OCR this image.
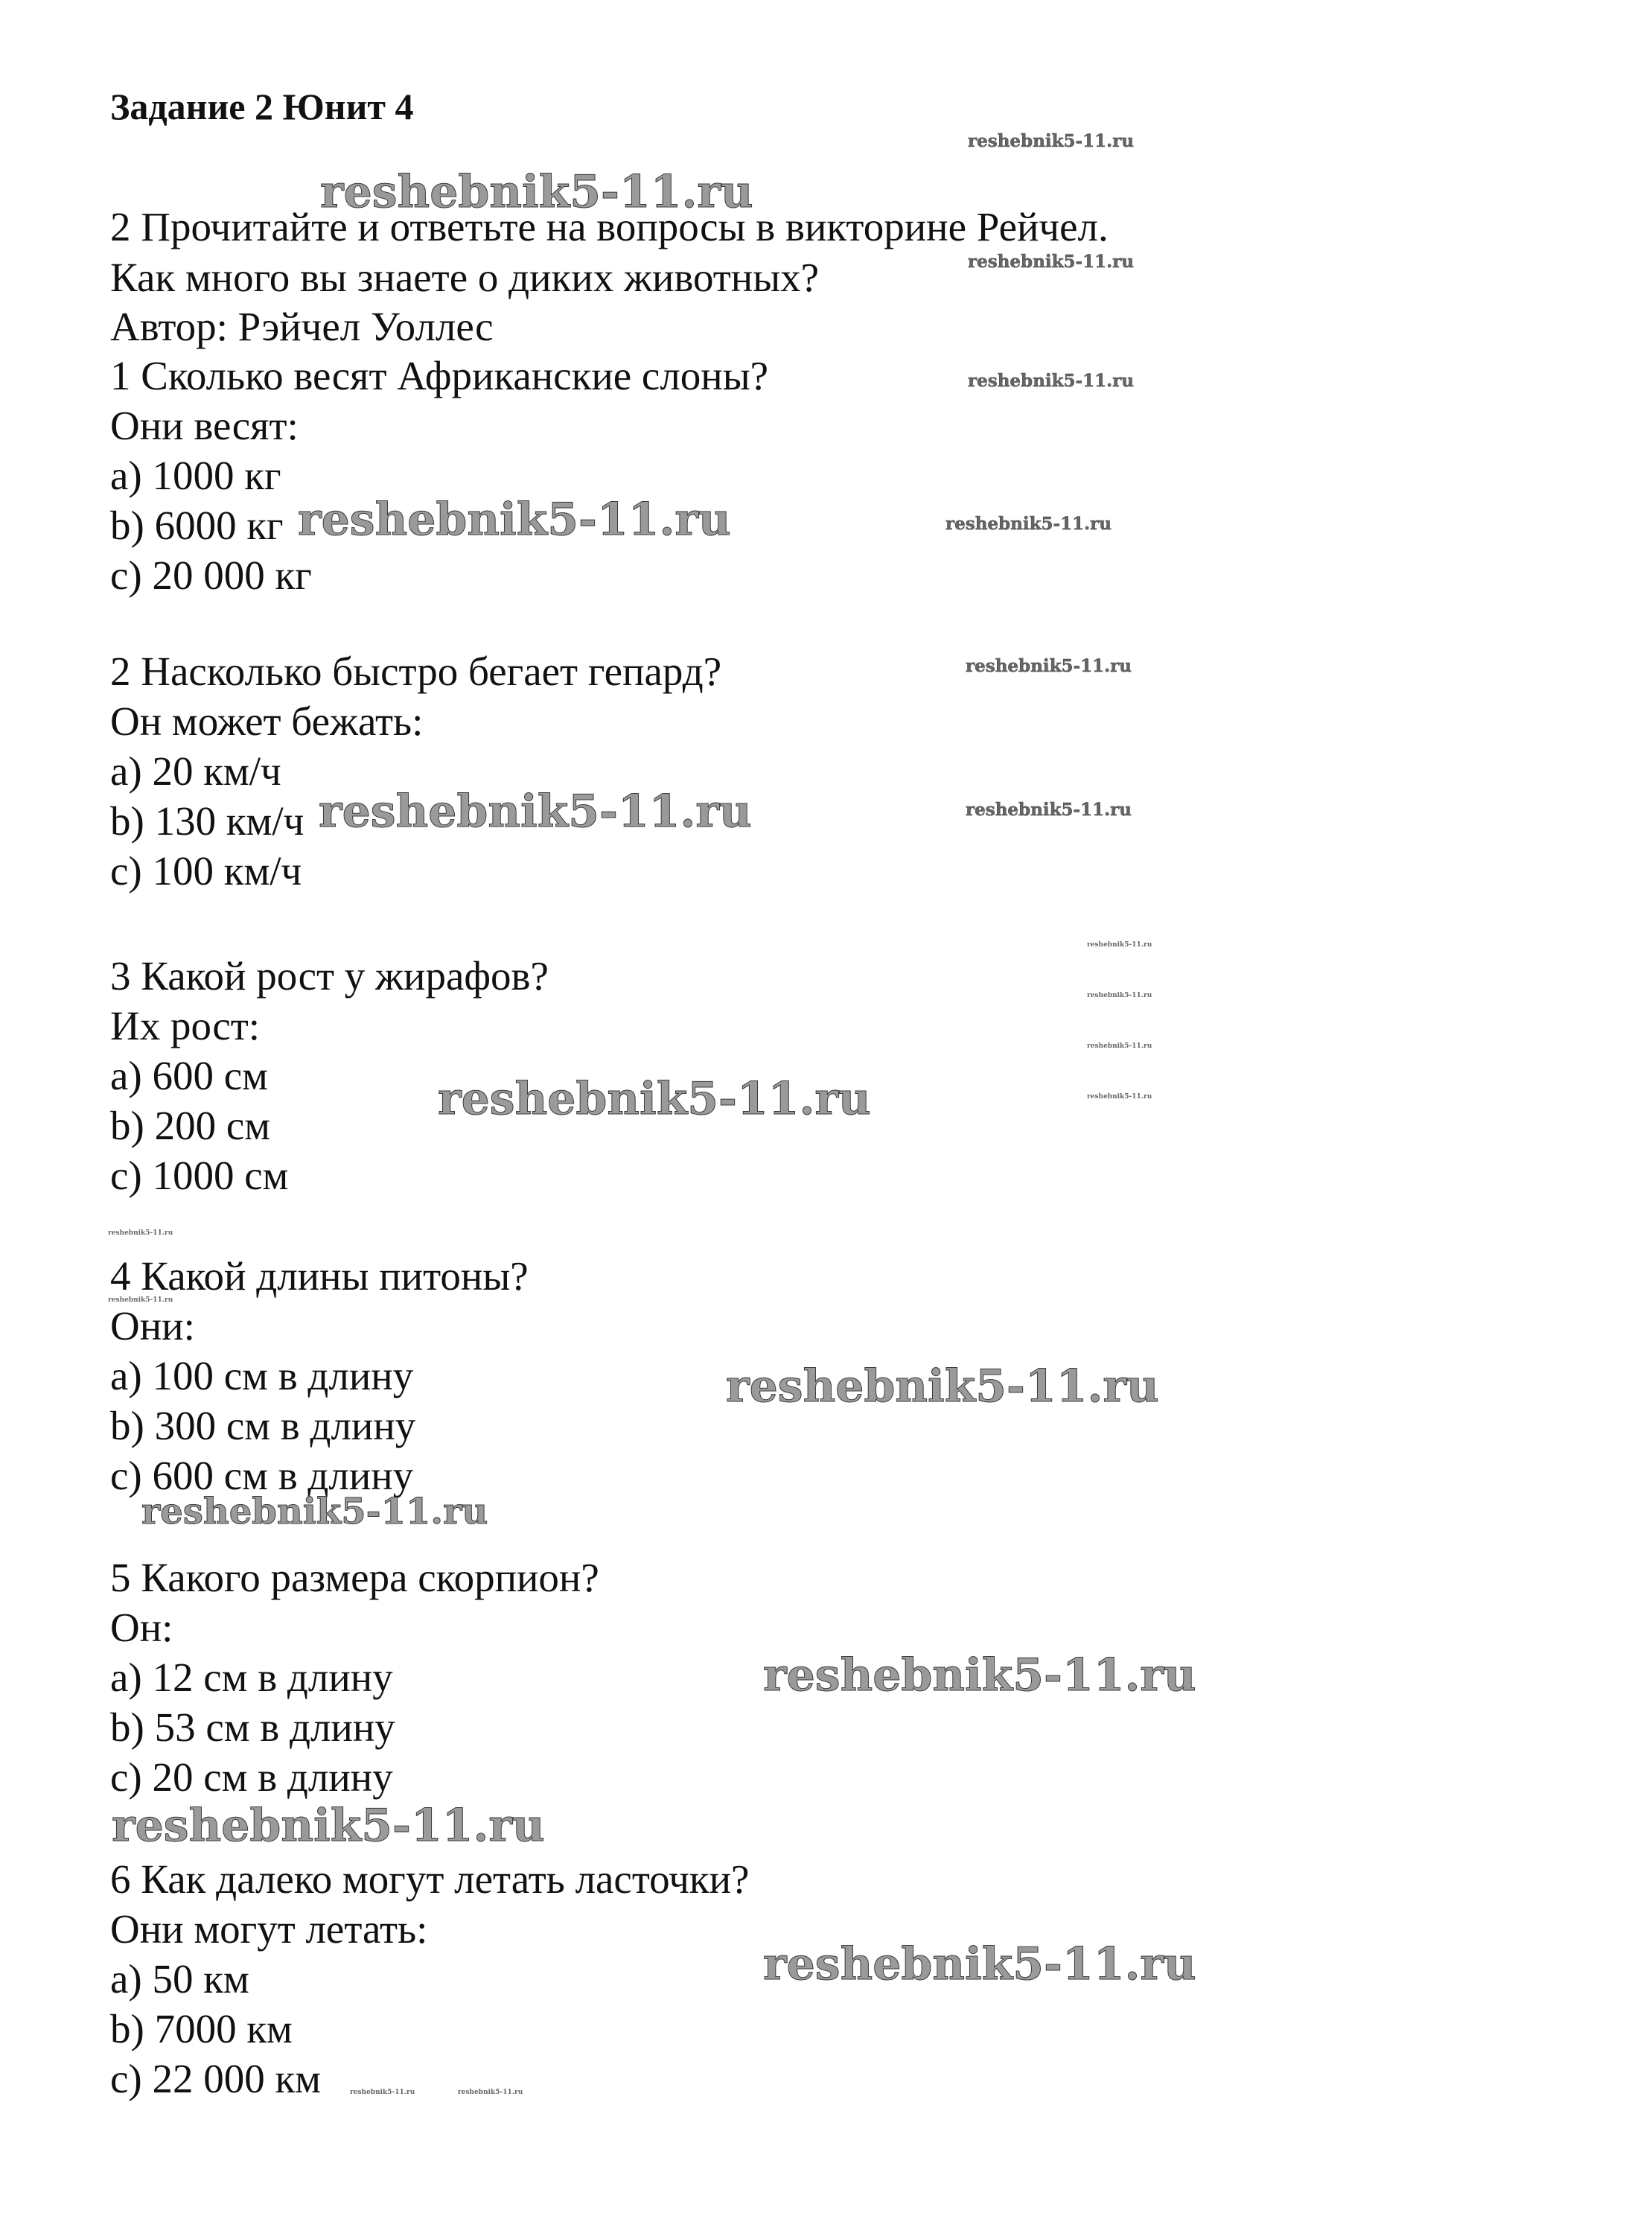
Задание 2 Юнит 4
2 Прочитайте и ответьте на вопросы в викторине Рейчел.
Как много вы знаете о диких животных?
Автор: Рэйчел Уоллес
1 Сколько весят Африканские слоны?
Они весят:
a) 1000 кг
b) 6000 кг
c) 20 000 кг
2 Насколько быстро бегает гепард?
Он может бежать:
a) 20 км/ч
b) 130 км/ч
c) 100 км/ч
3 Какой рост у жирафов?
Их рост:
a) 600 см
b) 200 см
c) 1000 см
4 Какой длины питоны?
Они:
a) 100 см в длину
b) 300 см в длину
c) 600 см в длину
5 Какого размера скорпион?
Он:
a) 12 см в длину
b) 53 см в длину
c) 20 см в длину
6 Как далеко могут летать ласточки?
Они могут летать:
a) 50 км
b) 7000 км
c) 22 000 км
reshebnik5-11.ru
reshebnik5-11.ru
reshebnik5-11.ru
reshebnik5-11.ru
reshebnik5-11.ru	reshebnik5-11.ru
reshebnik5-11.ru
reshebnik5-11.ru	reshebnik5-11.ru
reshebnik5-11.ru
reshebnik5-11.ru
reshebnik5-11.ru
reshebnik5-11.ru
reshebnik5-11.ru
reshebnik5-11.ru
reshebnik5-11.ru
reshebnik5-11.ru
reshebnik5-11.ru
reshebnik5-11.ru
reshebnik5-11.ru
reshebnik5-11.ru
reshebnik5-11.ru	reshebnik5-11.ru
